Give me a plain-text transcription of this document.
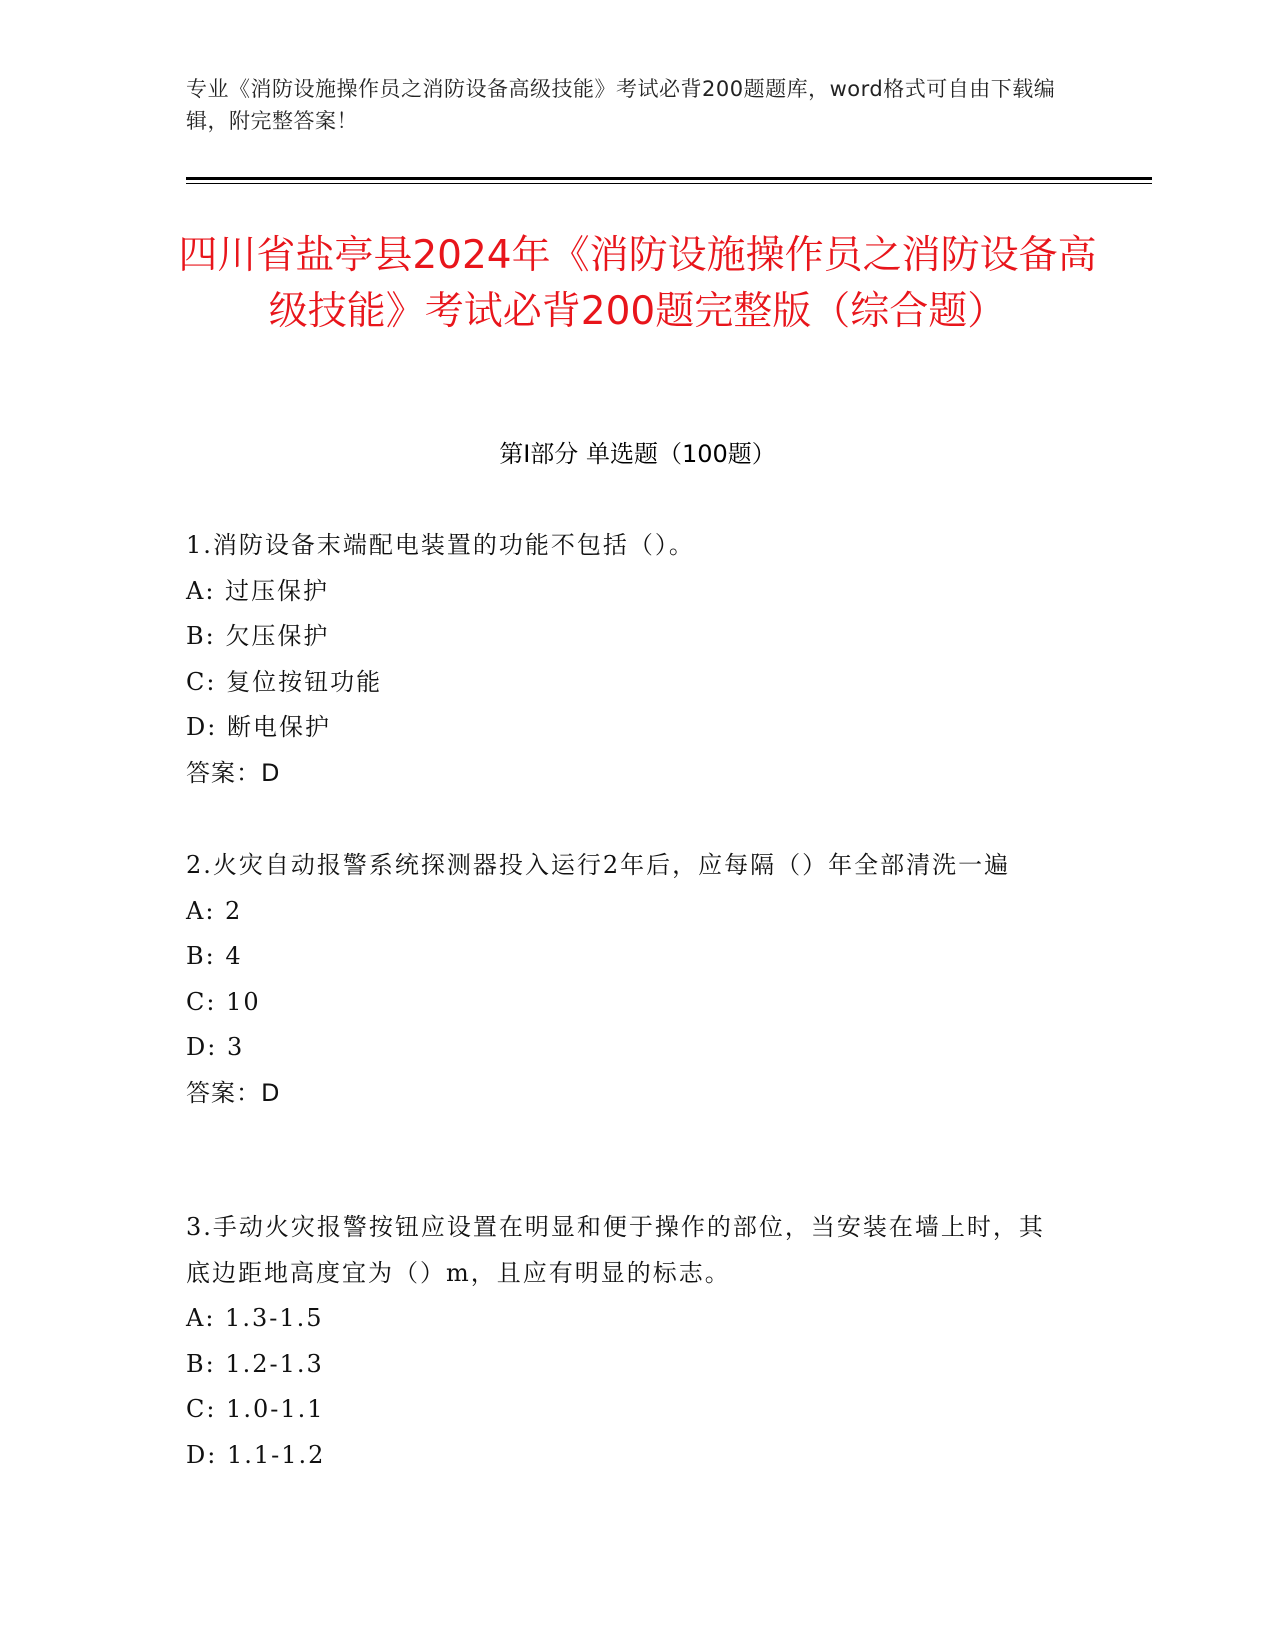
专业《消防设施操作员之消防设备高级技能》考试必背200题题库，word格式可自由下载编辑，附完整答案！
四川省盐亭县2024年《消防设施操作员之消防设备高级技能》考试必背200题完整版（综合题）
第I部分 单选题（100题）
1.消防设备末端配电装置的功能不包括（）。
A: 过压保护
B: 欠压保护
C: 复位按钮功能
D: 断电保护
答案：D
2.火灾自动报警系统探测器投入运行2年后，应每隔（）年全部清洗一遍
A: 2
B: 4
C: 10
D: 3
答案：D
3.手动火灾报警按钮应设置在明显和便于操作的部位，当安装在墙上时，其底边距地高度宜为（）m，且应有明显的标志。
A: 1.3-1.5
B: 1.2-1.3
C: 1.0-1.1
D: 1.1-1.2
